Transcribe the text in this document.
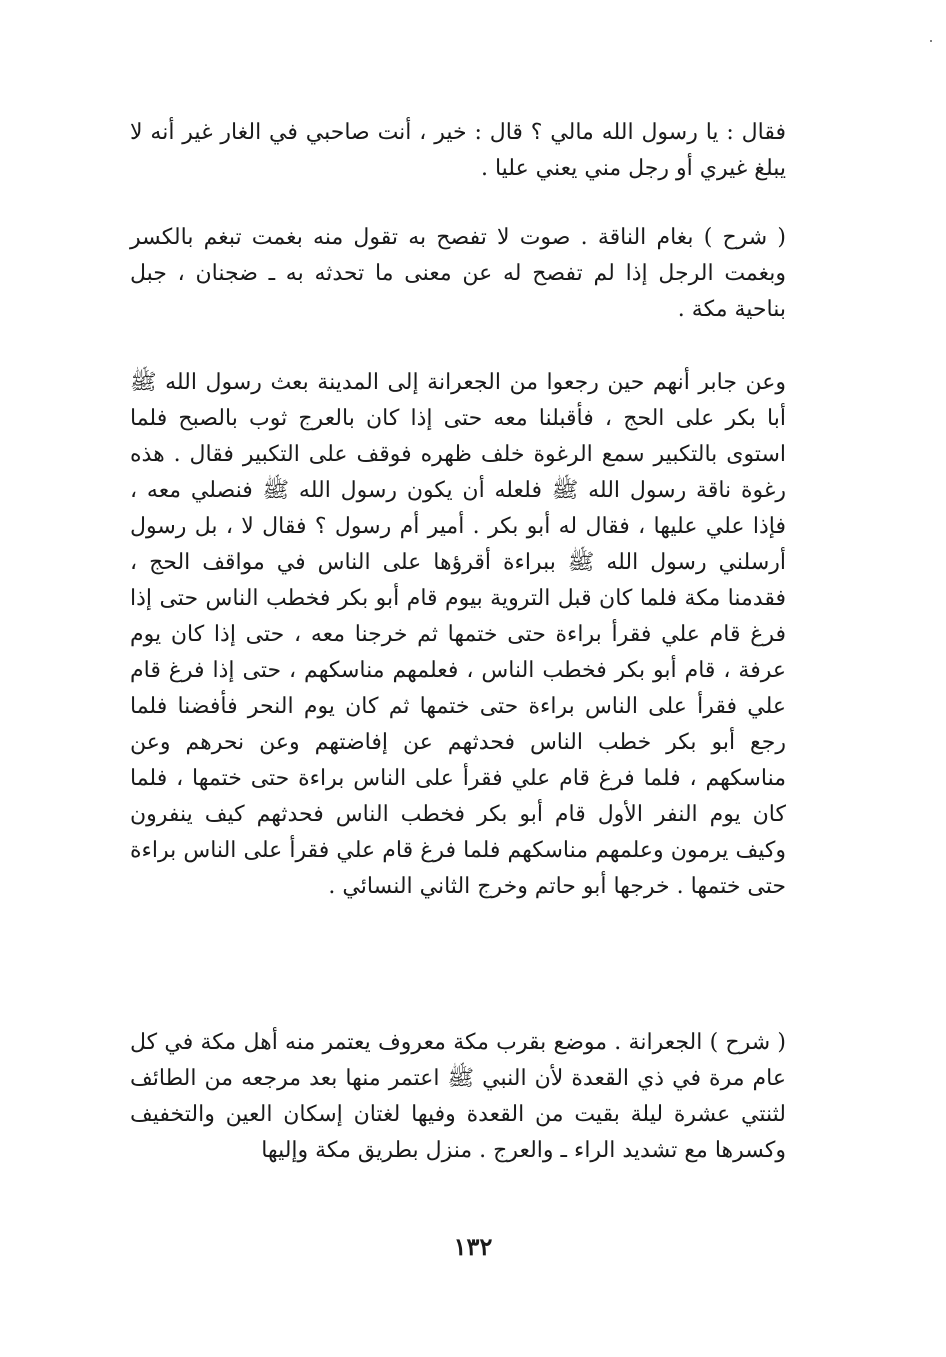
فقال : يا رسول الله مالي ؟ قال : خير ، أنت صاحبي في الغار غير أنه لا يبلغ غيري أو رجل مني يعني عليا .

( شرح ) بغام الناقة . صوت لا تفصح به تقول منه بغمت تبغم بالكسر وبغمت الرجل إذا لم تفصح له عن معنى ما تحدثه به ـ ضجنان ، جبل بناحية مكة .

وعن جابر أنهم حين رجعوا من الجعرانة إلى المدينة بعث رسول الله ﷺ أبا بكر على الحج ، فأقبلنا معه حتى إذا كان بالعرج ثوب بالصبح فلما استوى بالتكبير سمع الرغوة خلف ظهره فوقف على التكبير فقال . هذه رغوة ناقة رسول الله ﷺ فلعله أن يكون رسول الله ﷺ فنصلي معه ، فإذا علي عليها ، فقال له أبو بكر . أمير أم رسول ؟ فقال لا ، بل رسول أرسلني رسول الله ﷺ ببراءة أقرؤها على الناس في مواقف الحج ، فقدمنا مكة فلما كان قبل التروية بيوم قام أبو بكر فخطب الناس حتى إذا فرغ قام علي فقرأ براءة حتى ختمها ثم خرجنا معه ، حتى إذا كان يوم عرفة ، قام أبو بكر فخطب الناس ، فعلمهم مناسكهم ، حتى إذا فرغ قام علي فقرأ على الناس براءة حتى ختمها ثم كان يوم النحر فأفضنا فلما رجع أبو بكر خطب الناس فحدثهم عن إفاضتهم وعن نحرهم وعن مناسكهم ، فلما فرغ قام علي فقرأ على الناس براءة حتى ختمها ، فلما كان يوم النفر الأول قام أبو بكر فخطب الناس فحدثهم كيف ينفرون وكيف يرمون وعلمهم مناسكهم فلما فرغ قام علي فقرأ على الناس براءة حتى ختمها . خرجها أبو حاتم وخرج الثاني النسائي .

( شرح ) الجعرانة . موضع بقرب مكة معروف يعتمر منه أهل مكة في كل عام مرة في ذي القعدة لأن النبي ﷺ اعتمر منها بعد مرجعه من الطائف لثنتي عشرة ليلة بقيت من القعدة وفيها لغتان إسكان العين والتخفيف وكسرها مع تشديد الراء ـ والعرج . منزل بطريق مكة وإليها

١٣٢
